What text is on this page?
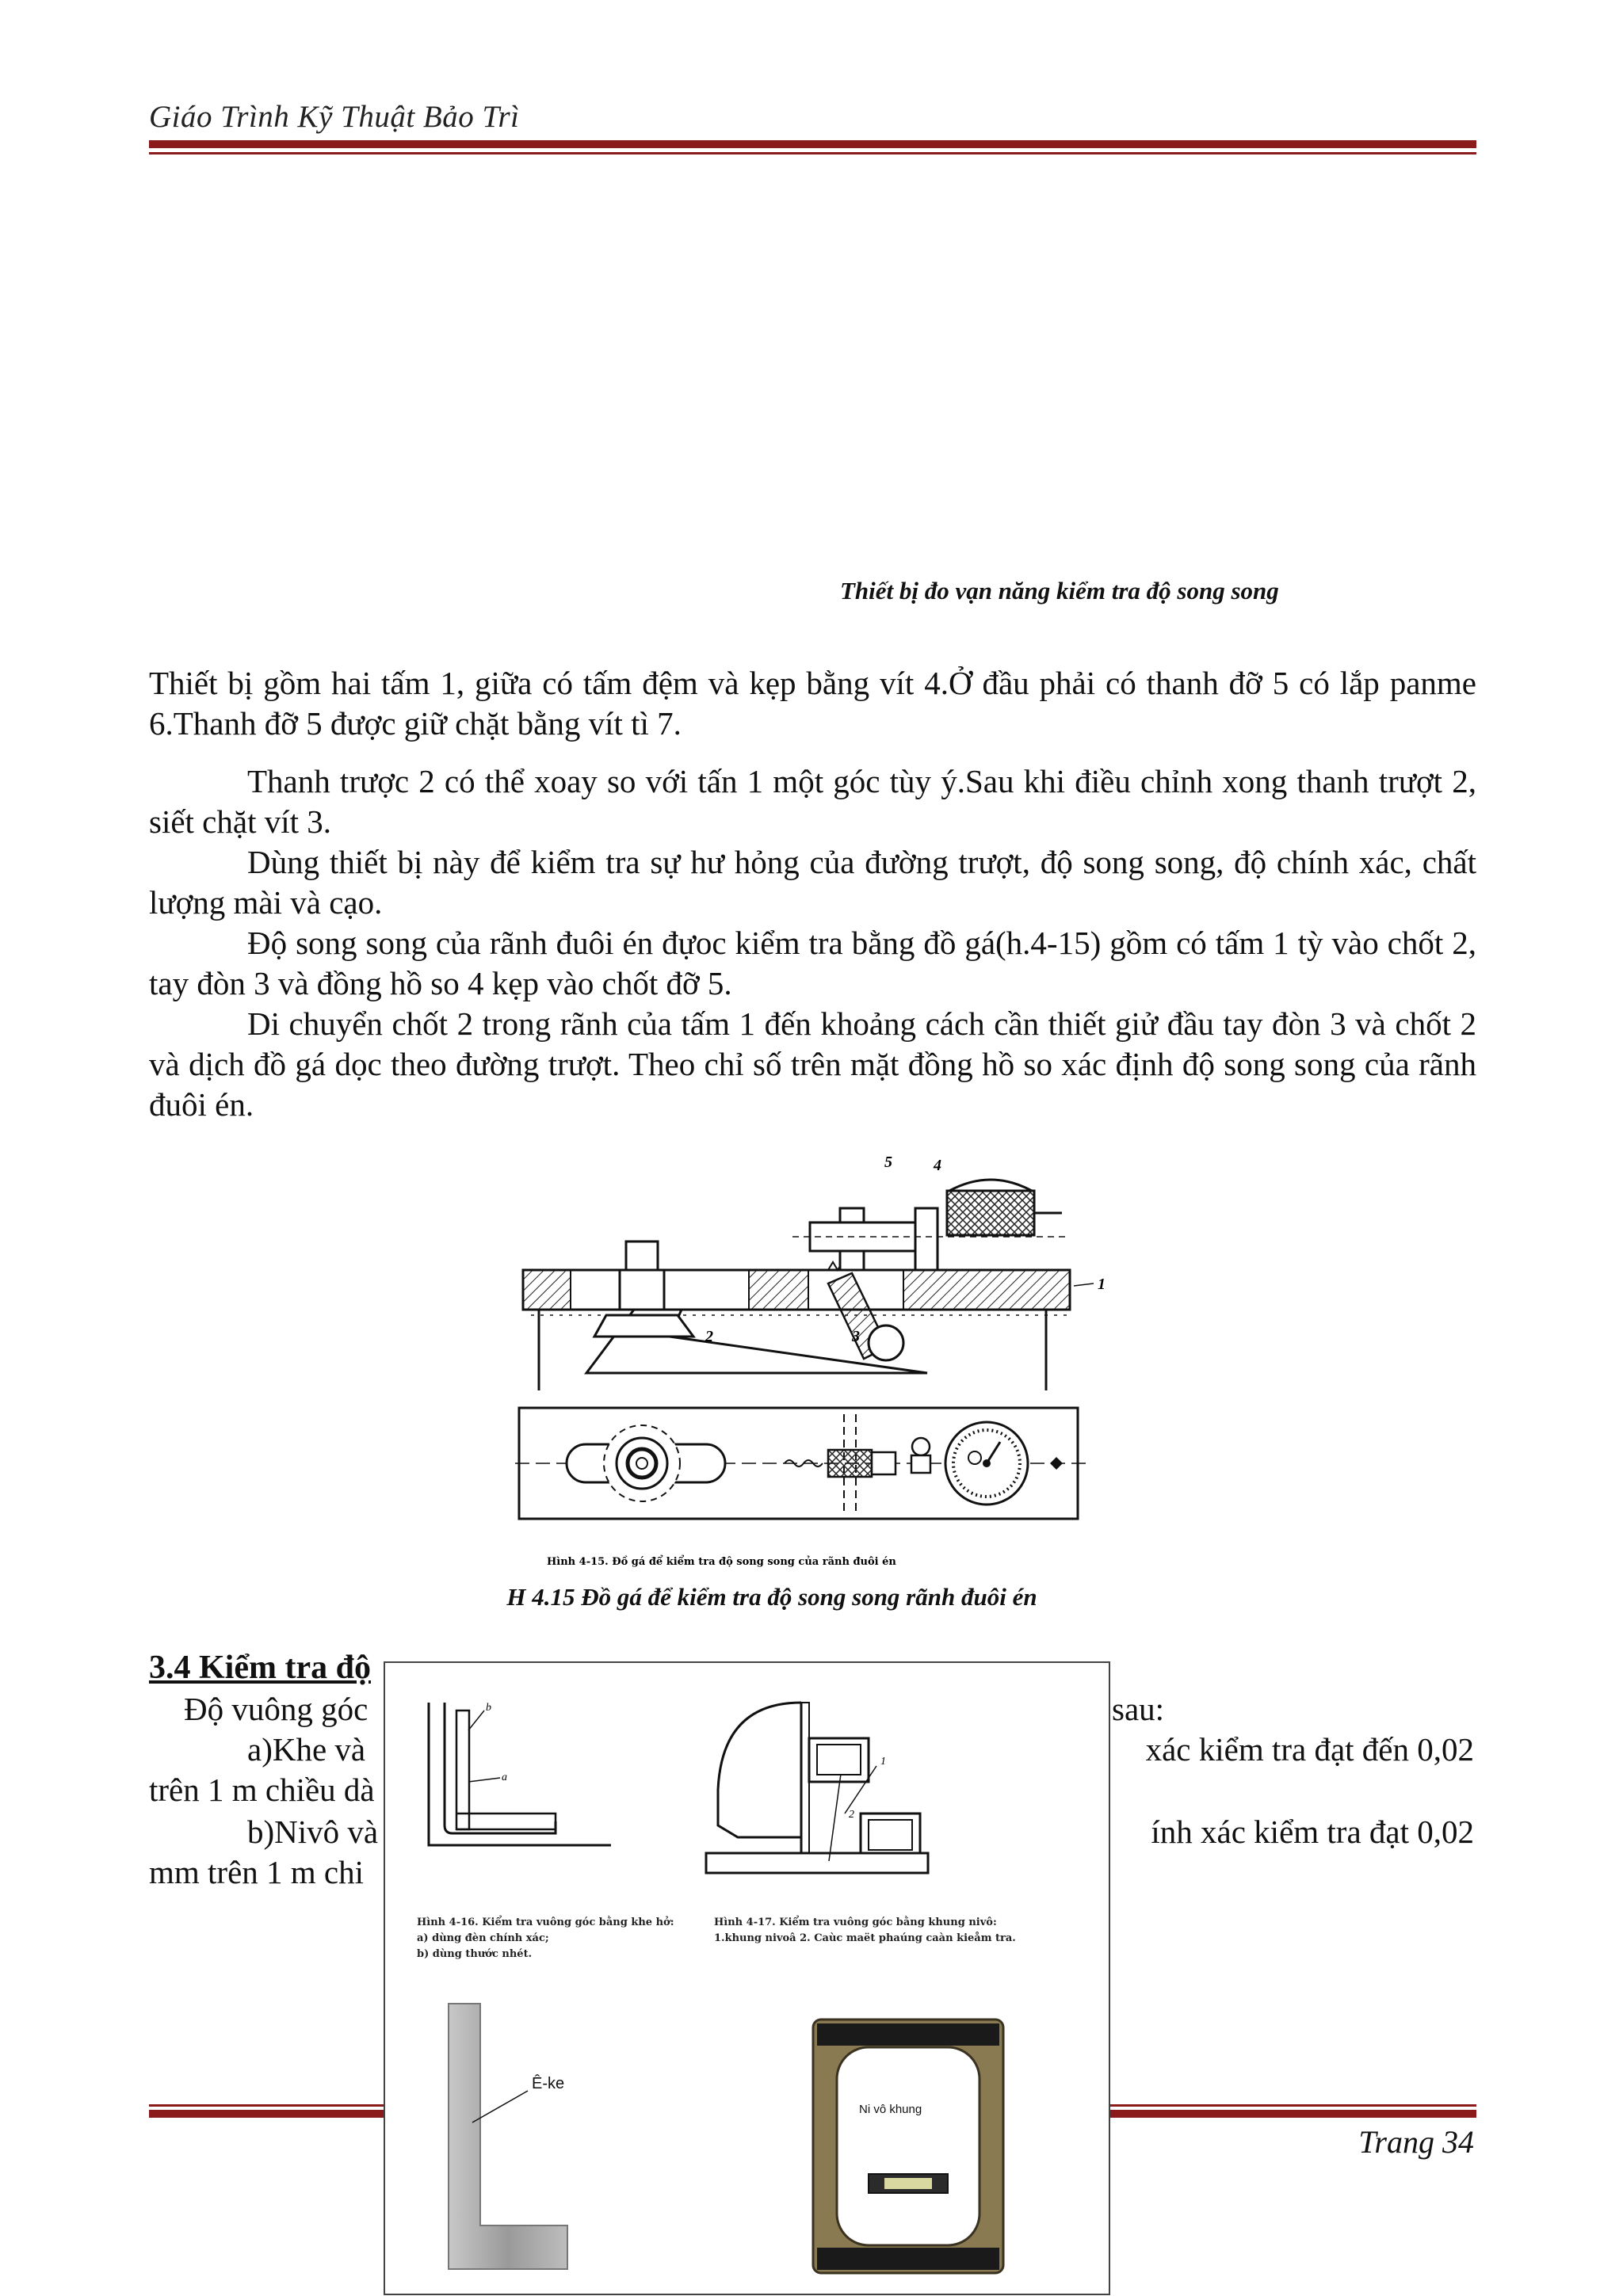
Giáo Trình Kỹ Thuật Bảo Trì
Thiết bị đo vạn năng kiểm tra độ song song
Thiết bị gồm hai tấm 1, giữa có tấm đệm và kẹp bằng vít 4.Ở đầu phải có thanh đỡ 5 có lắp panme 6.Thanh đỡ 5 được giữ chặt bằng vít tì 7.
Thanh trược 2 có thể xoay so với tấn 1 một góc tùy ý.Sau khi điều chỉnh xong thanh trượt 2, siết chặt vít 3.
Dùng thiết bị này để kiểm tra sự hư hỏng của đường trượt, độ song song, độ chính xác, chất lượng mài và cạo.
Độ song song của rãnh đuôi én đựoc kiểm tra bằng đồ gá(h.4-15) gồm có tấm 1 tỳ vào chốt 2, tay đòn 3 và đồng hồ so 4 kẹp vào chốt đỡ 5.
Di chuyển chốt 2 trong rãnh của tấm 1 đến khoảng cách cần thiết giử đầu tay đòn 3 và chốt 2 và dịch đồ gá dọc theo đường trượt. Theo chỉ số trên mặt đồng hồ so xác định độ song song của rãnh đuôi én.
5	4
1
2	3
Hình 4-15. Đồ gá để kiểm tra độ song song của rãnh đuôi én
H 4.15 Đồ gá để kiểm tra độ song song rãnh đuôi én
3.4 Kiểm tra độ
Độ vuông góc	sau:
a)Khe và	xác kiểm tra đạt đến 0,02
trên 1 m chiều dà
b)Nivô và	ính xác kiểm tra đạt 0,02
mm trên 1 m chi
Trang 34
b
a
1
2
Hình 4-16. Kiểm tra vuông góc bằng khe hở:
a) dùng đèn chính xác;
b) dùng thước nhét.
Hình 4-17. Kiểm tra vuông góc bằng khung nivô:
1.khung nivoâ 2. Caùc maët phaúng caàn kieåm tra.
Ê-ke
Ni vô khung
